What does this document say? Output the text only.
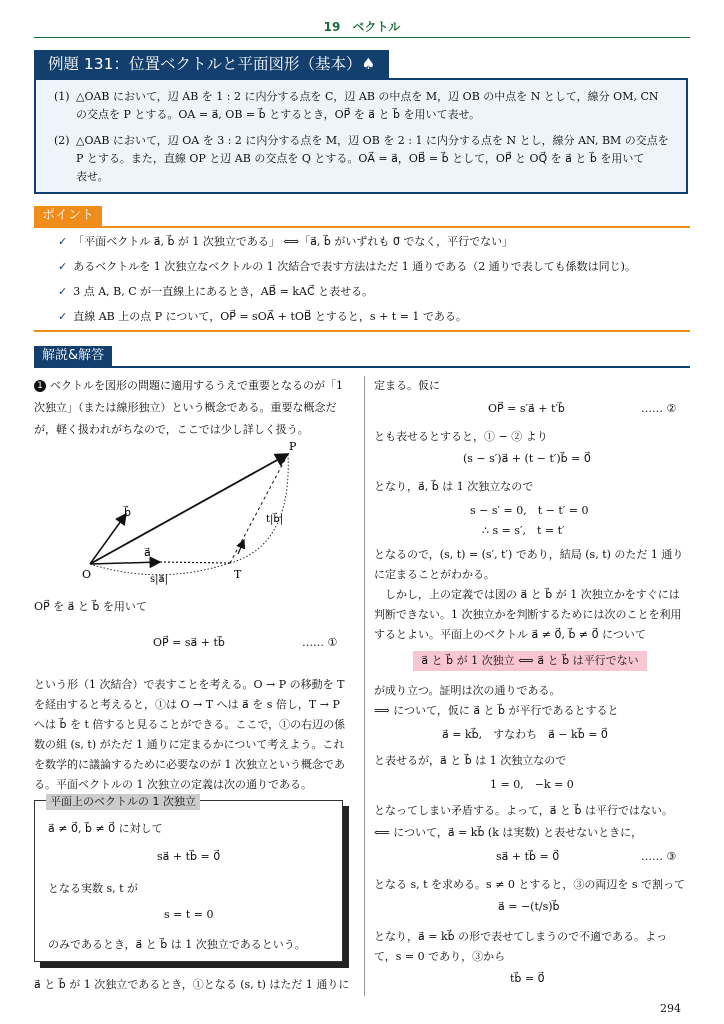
19　ベクトル
例題 131：位置ベクトルと平面図形（基本）♠
(1) △OAB において，辺 AB を 1 : 2 に内分する点を C，辺 AB の中点を M，辺 OB の中点を N として，線分 OM, CN
の交点を P とする。OA = a⃗, OB = b⃗ とするとき，OP⃗ を a⃗ と b⃗ を用いて表せ。
(2) △OAB において，辺 OA を 3 : 2 に内分する点を M，辺 OB を 2 : 1 に内分する点を N とし，線分 AN, BM の交点を
P とする。また，直線 OP と辺 AB の交点を Q とする。OA⃗ = a⃗，OB⃗ = b⃗ として，OP⃗ と OQ⃗ を a⃗ と b⃗ を用いて
表せ。
ポイント
✓ 「平面ベクトル a⃗, b⃗ が 1 次独立である」 ⟺「a⃗, b⃗ がいずれも 0⃗ でなく，平行でない」
✓ あるベクトルを 1 次独立なベクトルの 1 次結合で表す方法はただ 1 通りである（2 通りで表しても係数は同じ)。
✓ 3 点 A, B, C が一直線上にあるとき，AB⃗ = kAC⃗ と表せる。
✓ 直線 AB 上の点 P について，OP⃗ = sOA⃗ + tOB⃗ とすると，s + t = 1 である。
解説&解答
1 ベクトルを図形の問題に適用するうえで重要となるのが「1
次独立」（または線形独立）という概念である。重要な概念だ
が，軽く扱われがちなので，ここでは少し詳しく扱う。
P
O	T
b⃗
a⃗
s|a⃗|
t|b⃗|
OP⃗ を a⃗ と b⃗ を用いて
OP⃗ = sa⃗ + tb⃗	…… ①
という形（1 次結合）で表すことを考える。O → P の移動を T
を経由すると考えると，①は O → T へは a⃗ を s 倍し，T → P
へは b⃗ を t 倍すると見ることができる。ここで，①の右辺の係
数の組 (s, t) がただ 1 通りに定まるかについて考えよう。これ
を数学的に議論するために必要なのが 1 次独立という概念であ
る。平面ベクトルの 1 次独立の定義は次の通りである。
平面上のベクトルの 1 次独立
a⃗ ≠ 0⃗, b⃗ ≠ 0⃗ に対して
sa⃗ + tb⃗ = 0⃗
となる実数 s, t が
s = t = 0
のみであるとき，a⃗ と b⃗ は 1 次独立であるという。
a⃗ と b⃗ が 1 次独立であるとき，①となる (s, t) はただ 1 通りに
定まる。仮に
OP⃗ = s′a⃗ + t′b⃗	…… ②
とも表せるとすると，① − ② より
(s − s′)a⃗ + (t − t′)b⃗ = 0⃗
となり，a⃗, b⃗ は 1 次独立なので
s − s′ = 0,　t − t′ = 0
∴ s = s′,　t = t′
となるので，(s, t) = (s′, t′) であり，結局 (s, t) のただ 1 通り
に定まることがわかる。
　しかし，上の定義では図の a⃗ と b⃗ が 1 次独立かをすぐには
判断できない。1 次独立かを判断するためには次のことを利用
するとよい。平面上のベクトル a⃗ ≠ 0⃗, b⃗ ≠ 0⃗ について
a⃗ と b⃗ が 1 次独立 ⟺ a⃗ と b⃗ は平行でない
が成り立つ。証明は次の通りである。
⟹ について，仮に a⃗ と b⃗ が平行であるとすると
a⃗ = kb⃗,　すなわち　a⃗ − kb⃗ = 0⃗
と表せるが，a⃗ と b⃗ は 1 次独立なので
1 = 0,　−k = 0
となってしまい矛盾する。よって，a⃗ と b⃗ は平行ではない。
⟸ について，a⃗ = kb⃗ (k は実数) と表せないときに，
sa⃗ + tb⃗ = 0⃗	…… ③
となる s, t を求める。s ≠ 0 とすると，③の両辺を s で割って
a⃗ = −(t/s)b⃗
となり，a⃗ = kb⃗ の形で表せてしまうので不適である。よっ
て，s = 0 であり，③から
tb⃗ = 0⃗
294
